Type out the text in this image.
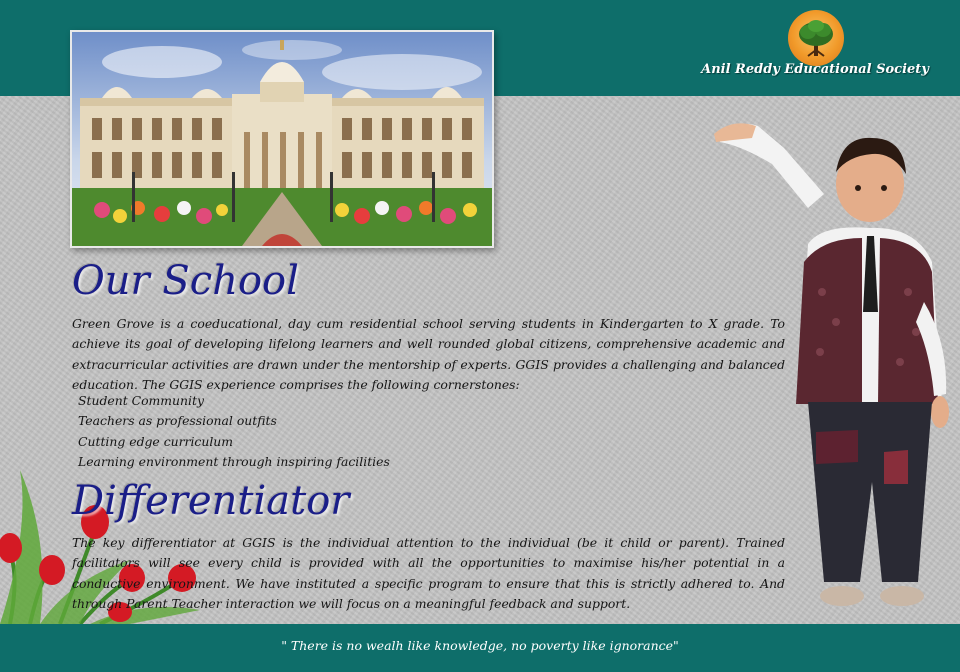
Anil Reddy Educational Society
Our School

Green Grove is a coeducational, day cum residential school serving students in Kindergarten to X grade. To achieve its goal of developing lifelong learners and well rounded global citizens, comprehensive academic and extracurricular activities are drawn under the mentorship of experts. GGIS provides a challenging and balanced education. The GGIS experience comprises the following cornerstones:

Student Community
Teachers as professional outfits
Cutting edge curriculum
Learning environment through inspiring facilities
Differentiator

The key differentiator at GGIS is the individual attention to the individual (be it child or parent). Trained facilitators will see every child is provided with all the opportunities to maximise his/her potential in a conductive environment. We have instituted a specific program to ensure that this is strictly adhered to. And through Parent Teacher interaction we will focus on a meaningful feedback and support.

" There is no wealh like knowledge, no poverty like ignorance"
